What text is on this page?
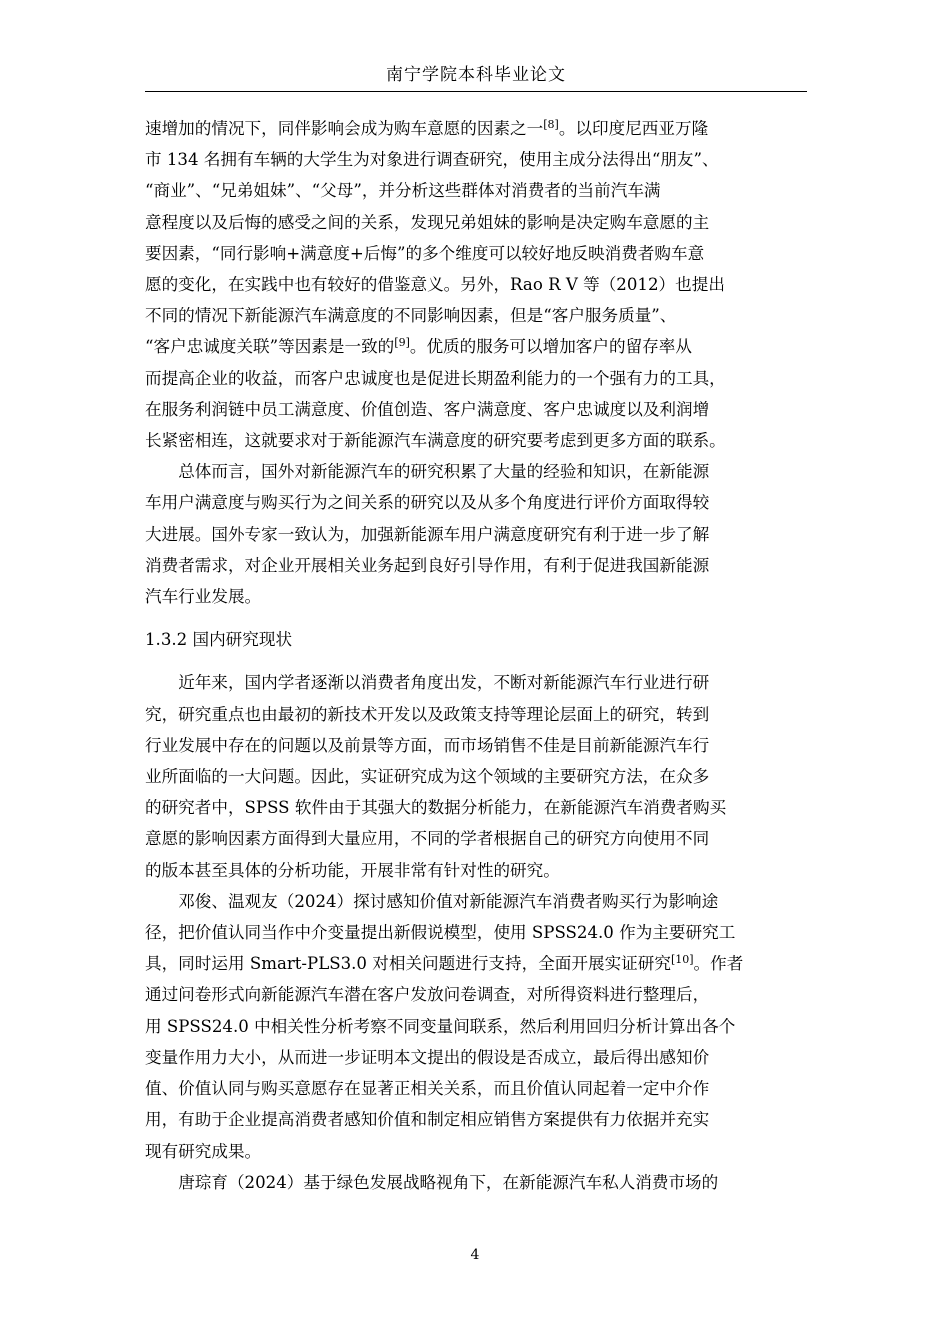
南宁学院本科毕业论文

速增加的情况下，同伴影响会成为购车意愿的因素之一[8]。以印度尼西亚万隆
市 134 名拥有车辆的大学生为对象进行调查研究，使用主成分法得出“朋友”、
“商业”、“兄弟姐妹”、“父母”，并分析这些群体对消费者的当前汽车满
意程度以及后悔的感受之间的关系，发现兄弟姐妹的影响是决定购车意愿的主
要因素，“同行影响+满意度+后悔”的多个维度可以较好地反映消费者购车意
愿的变化，在实践中也有较好的借鉴意义。另外，Rao R V 等（2012）也提出
不同的情况下新能源汽车满意度的不同影响因素，但是“客户服务质量”、
“客户忠诚度关联”等因素是一致的[9]。优质的服务可以增加客户的留存率从
而提高企业的收益，而客户忠诚度也是促进长期盈利能力的一个强有力的工具，
在服务利润链中员工满意度、价值创造、客户满意度、客户忠诚度以及利润增
长紧密相连，这就要求对于新能源汽车满意度的研究要考虑到更多方面的联系。

总体而言，国外对新能源汽车的研究积累了大量的经验和知识，在新能源
车用户满意度与购买行为之间关系的研究以及从多个角度进行评价方面取得较
大进展。国外专家一致认为，加强新能源车用户满意度研究有利于进一步了解
消费者需求，对企业开展相关业务起到良好引导作用，有利于促进我国新能源
汽车行业发展。

1.3.2 国内研究现状

近年来，国内学者逐渐以消费者角度出发，不断对新能源汽车行业进行研
究，研究重点也由最初的新技术开发以及政策支持等理论层面上的研究，转到
行业发展中存在的问题以及前景等方面，而市场销售不佳是目前新能源汽车行
业所面临的一大问题。因此，实证研究成为这个领域的主要研究方法，在众多
的研究者中，SPSS 软件由于其强大的数据分析能力，在新能源汽车消费者购买
意愿的影响因素方面得到大量应用，不同的学者根据自己的研究方向使用不同
的版本甚至具体的分析功能，开展非常有针对性的研究。

邓俊、温观友（2024）探讨感知价值对新能源汽车消费者购买行为影响途
径，把价值认同当作中介变量提出新假说模型，使用 SPSS24.0 作为主要研究工
具，同时运用 Smart-PLS3.0 对相关问题进行支持，全面开展实证研究[10]。作者
通过问卷形式向新能源汽车潜在客户发放问卷调查，对所得资料进行整理后，
用 SPSS24.0 中相关性分析考察不同变量间联系，然后利用回归分析计算出各个
变量作用力大小，从而进一步证明本文提出的假设是否成立，最后得出感知价
值、价值认同与购买意愿存在显著正相关关系，而且价值认同起着一定中介作
用，有助于企业提高消费者感知价值和制定相应销售方案提供有力依据并充实
现有研究成果。

唐琮育（2024）基于绿色发展战略视角下，在新能源汽车私人消费市场的

4
